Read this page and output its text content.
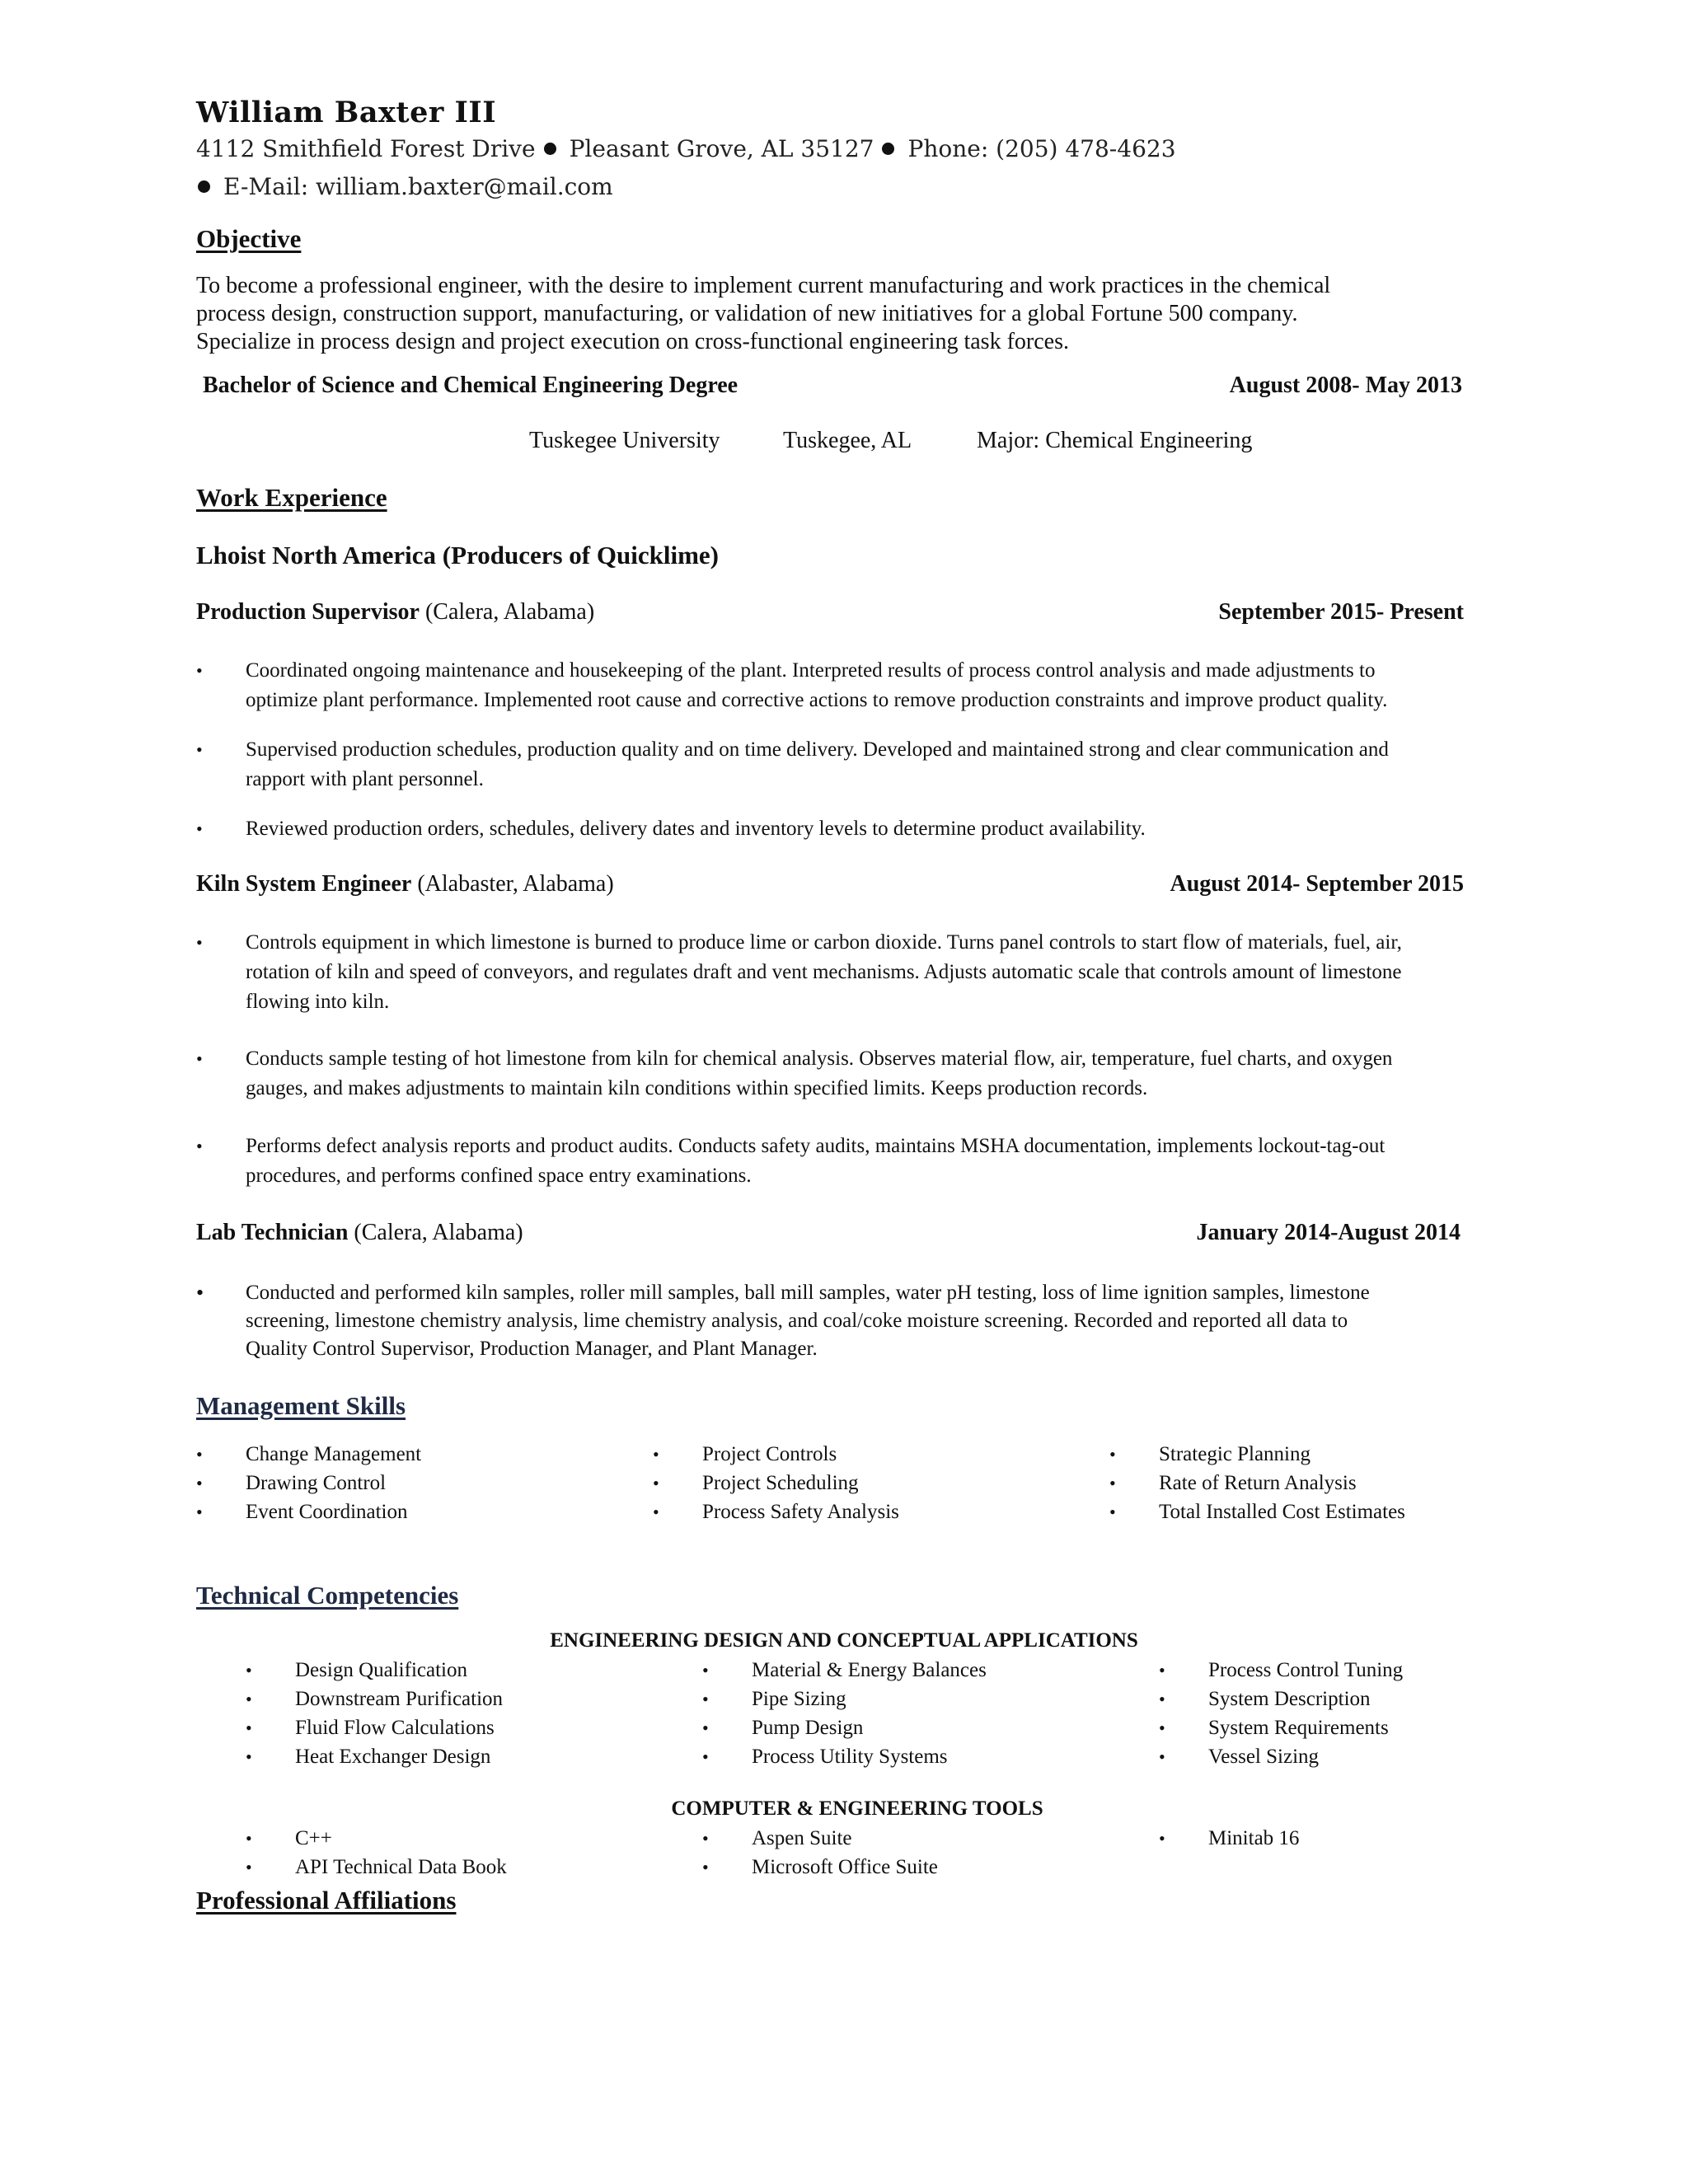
William Baxter III
4112 Smithfield Forest Drive Pleasant Grove, AL 35127 Phone: (205) 478-4623
E-Mail: william.baxter@mail.com
Objective
To become a professional engineer, with the desire to implement current manufacturing and work practices in the chemical
process design, construction support, manufacturing, or validation of new initiatives for a global Fortune 500 company.
Specialize in process design and project execution on cross-functional engineering task forces.
Bachelor of Science and Chemical Engineering Degree	August 2008- May 2013
Tuskegee University	Tuskegee, AL	Major: Chemical Engineering
Work Experience
Lhoist North America (Producers of Quicklime)
Production Supervisor (Calera, Alabama)	September 2015- Present
•	Coordinated ongoing maintenance and housekeeping of the plant. Interpreted results of process control analysis and made adjustments to
optimize plant performance. Implemented root cause and corrective actions to remove production constraints and improve product quality.
•	Supervised production schedules, production quality and on time delivery. Developed and maintained strong and clear communication and
rapport with plant personnel.
•	Reviewed production orders, schedules, delivery dates and inventory levels to determine product availability.
Kiln System Engineer (Alabaster, Alabama)	August 2014- September 2015
•	Controls equipment in which limestone is burned to produce lime or carbon dioxide. Turns panel controls to start flow of materials, fuel, air,
rotation of kiln and speed of conveyors, and regulates draft and vent mechanisms. Adjusts automatic scale that controls amount of limestone
flowing into kiln.
•	Conducts sample testing of hot limestone from kiln for chemical analysis. Observes material flow, air, temperature, fuel charts, and oxygen
gauges, and makes adjustments to maintain kiln conditions within specified limits. Keeps production records.
•	Performs defect analysis reports and product audits. Conducts safety audits, maintains MSHA documentation, implements lockout-tag-out
procedures, and performs confined space entry examinations.
Lab Technician (Calera, Alabama)	January 2014-August 2014
•	Conducted and performed kiln samples, roller mill samples, ball mill samples, water pH testing, loss of lime ignition samples, limestone
screening, limestone chemistry analysis, lime chemistry analysis, and coal/coke moisture screening. Recorded and reported all data to
Quality Control Supervisor, Production Manager, and Plant Manager.
Management Skills
• Change Management
• Drawing Control
• Event Coordination
• Project Controls
• Project Scheduling
• Process Safety Analysis
• Strategic Planning
• Rate of Return Analysis
• Total Installed Cost Estimates
Technical Competencies
ENGINEERING DESIGN AND CONCEPTUAL APPLICATIONS
• Design Qualification
• Downstream Purification
• Fluid Flow Calculations
• Heat Exchanger Design
• Material & Energy Balances
• Pipe Sizing
• Pump Design
• Process Utility Systems
• Process Control Tuning
• System Description
• System Requirements
• Vessel Sizing
COMPUTER & ENGINEERING TOOLS
• C++
• API Technical Data Book
• Aspen Suite
• Microsoft Office Suite
• Minitab 16
Professional Affiliations
